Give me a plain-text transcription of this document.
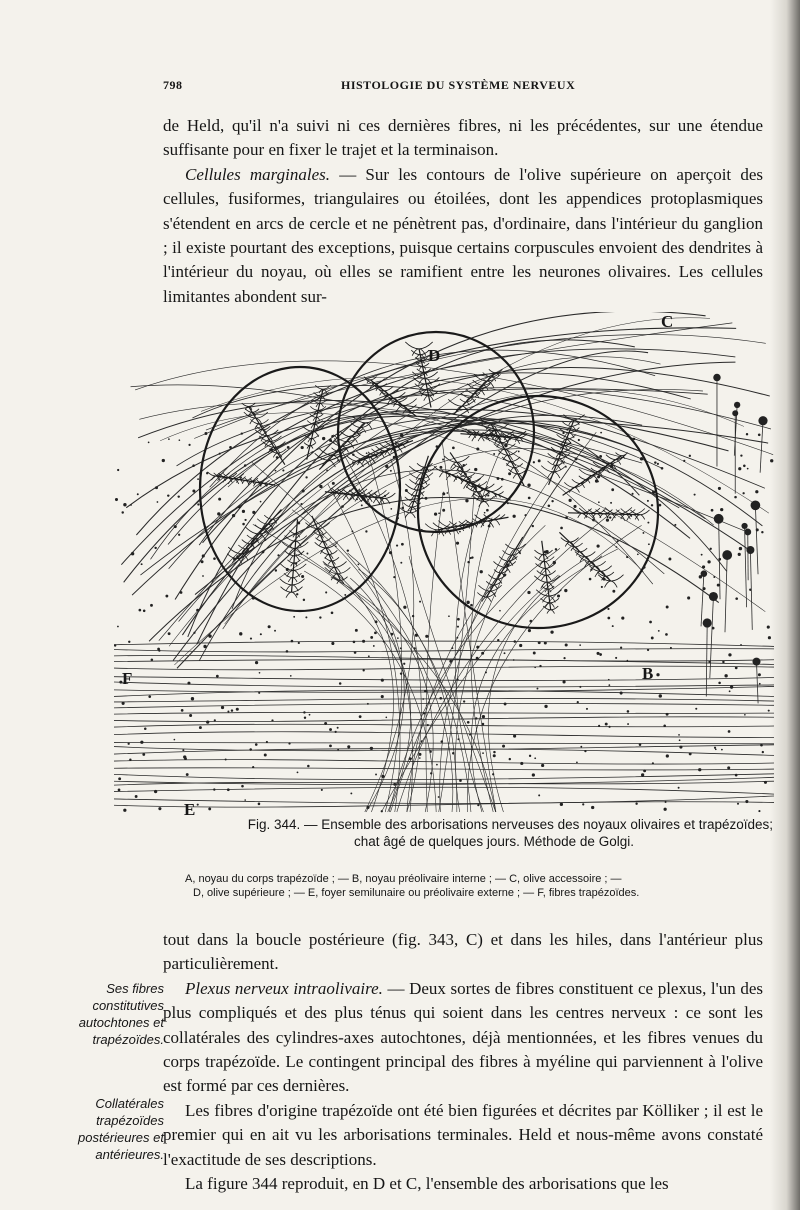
798	HISTOLOGIE DU SYSTÈME NERVEUX

de Held, qu'il n'a suivi ni ces dernières fibres, ni les précédentes, sur une étendue suffisante pour en fixer le trajet et la terminaison.

Cellules marginales. — Sur les contours de l'olive supérieure on aperçoit des cellules, fusiformes, triangulaires ou étoilées, dont les appendices protoplasmiques s'étendent en arcs de cercle et ne pénètrent pas, d'ordinaire, dans l'intérieur du ganglion ; il existe pourtant des exceptions, puisque certains corpuscules envoient des dendrites à l'intérieur du noyau, où elles se ramifient entre les neurones olivaires. Les cellules limitantes abondent sur-

C
D
B
F
E
Fig. 344. — Ensemble des arborisations nerveuses des noyaux olivaires et trapézoïdes;
chat âgé de quelques jours. Méthode de Golgi.
A, noyau du corps trapézoïde ; — B, noyau préolivaire interne ; — C, olive accessoire ; —
D, olive supérieure ; — E, foyer semilunaire ou préolivaire externe ; — F, fibres trapézoïdes.
Ses fibres constitutives autochtones et trapézoïdes.
Collatérales trapézoïdes postérieures et antérieures.

tout dans la boucle postérieure (fig. 343, C) et dans les hiles, dans l'antérieur plus particulièrement.

Plexus nerveux intraolivaire. — Deux sortes de fibres constituent ce plexus, l'un des plus compliqués et des plus ténus qui soient dans les centres nerveux : ce sont les collatérales des cylindres-axes autochtones, déjà mentionnées, et les fibres venues du corps trapézoïde. Le contingent principal des fibres à myéline qui parviennent à l'olive est formé par ces dernières.

Les fibres d'origine trapézoïde ont été bien figurées et décrites par Kölliker ; il est le premier qui en ait vu les arborisations terminales. Held et nous-même avons constaté l'exactitude de ses descriptions.

La figure 344 reproduit, en D et C, l'ensemble des arborisations que les
